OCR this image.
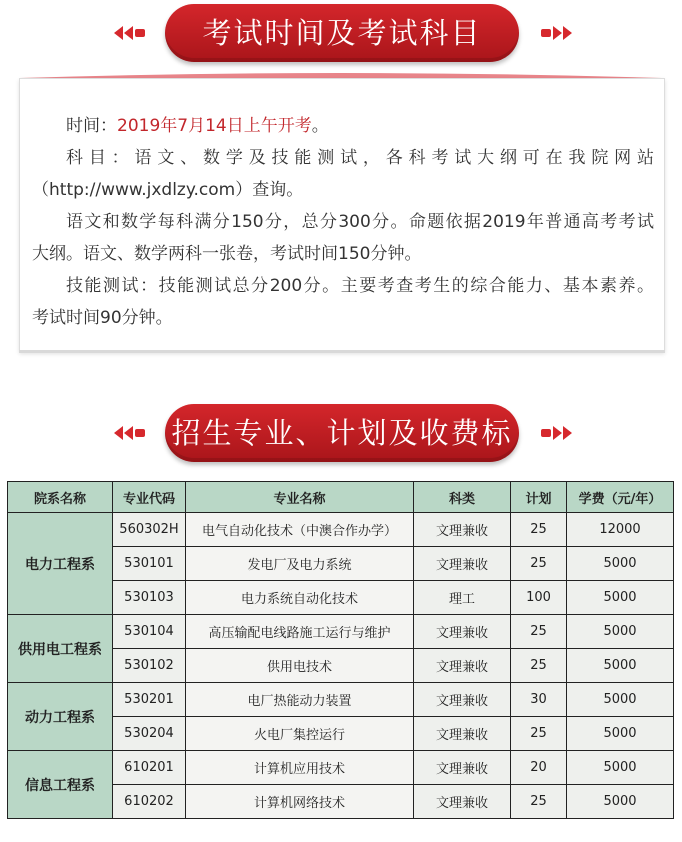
考试时间及考试科目

时间：2019年7月14日上午开考。

科目：语文、数学及技能测试，各科考试大纲可在我院网站

（http://www.jxdlzy.com）查询。

语文和数学每科满分150分，总分300分。命题依据2019年普通高考考试

大纲。语文、数学两科一张卷，考试时间150分钟。

技能测试：技能测试总分200分。主要考查考生的综合能力、基本素养。

考试时间90分钟。

招生专业、计划及收费标
院系名称	专业代码	专业名称	科类	计划	学费（元/年）
电力工程系	560302H	电气自动化技术（中澳合作办学）	文理兼收	25	12000
	530101	发电厂及电力系统	文理兼收	25	5000
	530103	电力系统自动化技术	理工	100	5000
供用电工程系	530104	高压输配电线路施工运行与维护	文理兼收	25	5000
	530102	供用电技术	文理兼收	25	5000
动力工程系	530201	电厂热能动力装置	文理兼收	30	5000
	530204	火电厂集控运行	文理兼收	25	5000
信息工程系	610201	计算机应用技术	文理兼收	20	5000
	610202	计算机网络技术	文理兼收	25	5000
